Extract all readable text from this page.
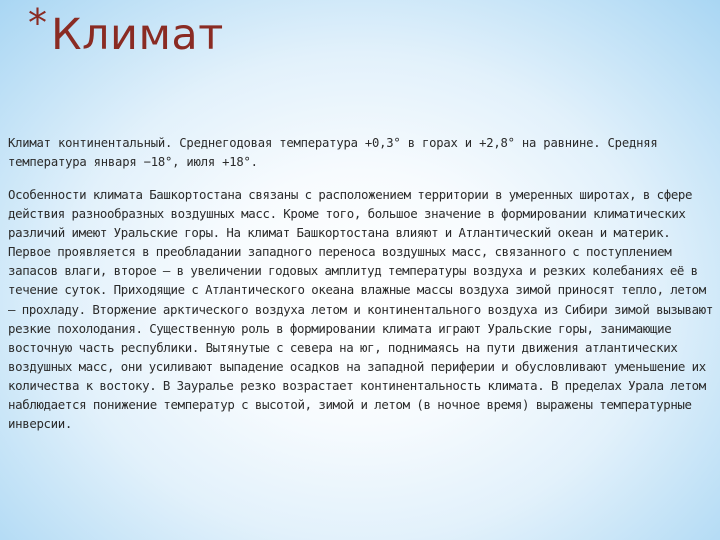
* Климат

Климат континентальный. Среднегодовая температура +0,3° в горах и +2,8° на равнине. Средняя температура января −18°, июля +18°.

Особенности климата Башкортостана связаны с расположением территории в умеренных широтах, в сфере действия разнообразных воздушных масс. Кроме того, большое значение в формировании климатических различий имеют Уральские горы. На климат Башкортостана влияют и Атлантический океан и материк. Первое проявляется в преобладании западного переноса воздушных масс, связанного с поступлением запасов влаги, второе — в увеличении годовых амплитуд температуры воздуха и резких колебаниях её в течение суток. Приходящие с Атлантического океана влажные массы воздуха зимой приносят тепло, летом — прохладу. Вторжение арктического воздуха летом и континентального воздуха из Сибири зимой вызывают резкие похолодания. Существенную роль в формировании климата играют Уральские горы, занимающие восточную часть республики. Вытянутые с севера на юг, поднимаясь на пути движения атлантических воздушных масс, они усиливают выпадение осадков на западной периферии и обусловливают уменьшение их количества к востоку. В Зауралье резко возрастает континентальность климата. В пределах Урала летом наблюдается понижение температур с высотой, зимой и летом (в ночное время) выражены температурные инверсии.
